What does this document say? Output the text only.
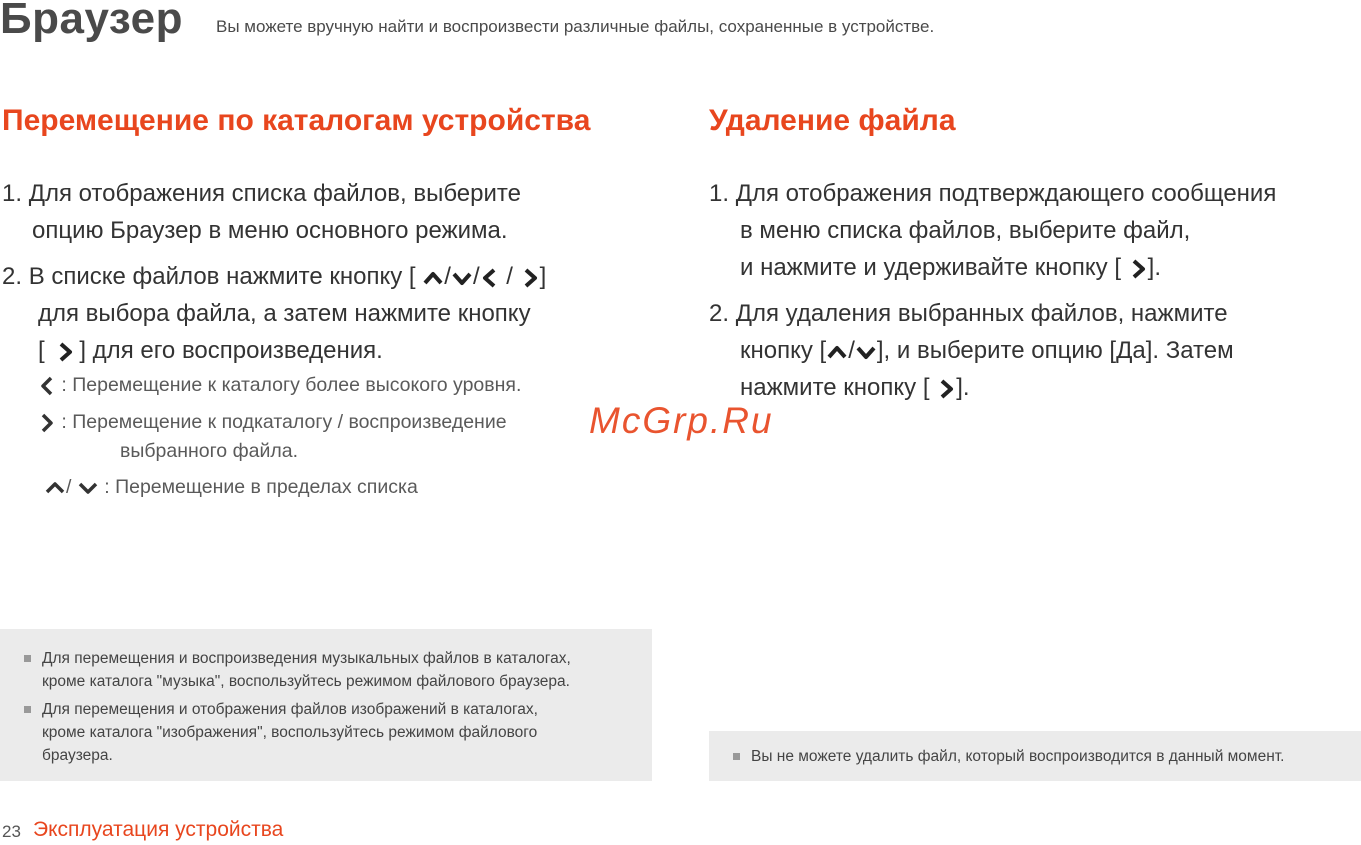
Браузер Вы можете вручную найти и воспроизвести различные файлы, сохраненные в устройстве.
Перемещение по каталогам устройства
1. Для отображения списка файлов, выберите
опцию Браузер в меню основного режима.
2. В списке файлов нажмите кнопку [ / / / ]
для выбора файла, а затем нажмите кнопку
[ ] для его воспроизведения.
: Перемещение к каталогу более высокого уровня.
: Перемещение к подкаталогу / воспроизведение
выбранного файла.
/ : Перемещение в пределах списка
Для перемещения и воспроизведения музыкальных файлов в каталогах,
кроме каталога "музыка", воспользуйтесь режимом файлового браузера.
Для перемещения и отображения файлов изображений в каталогах,
кроме каталога "изображения", воспользуйтесь режимом файлового
браузера.
Удаление файла
1. Для отображения подтверждающего сообщения
в меню списка файлов, выберите файл,
и нажмите и удерживайте кнопку [ ].
2. Для удаления выбранных файлов, нажмите
кнопку [ / ], и выберите опцию [Да]. Затем
нажмите кнопку [ ].
Вы не можете удалить файл, который воспроизводится в данный момент.
McGrp.Ru
23 Эксплуатация устройства
